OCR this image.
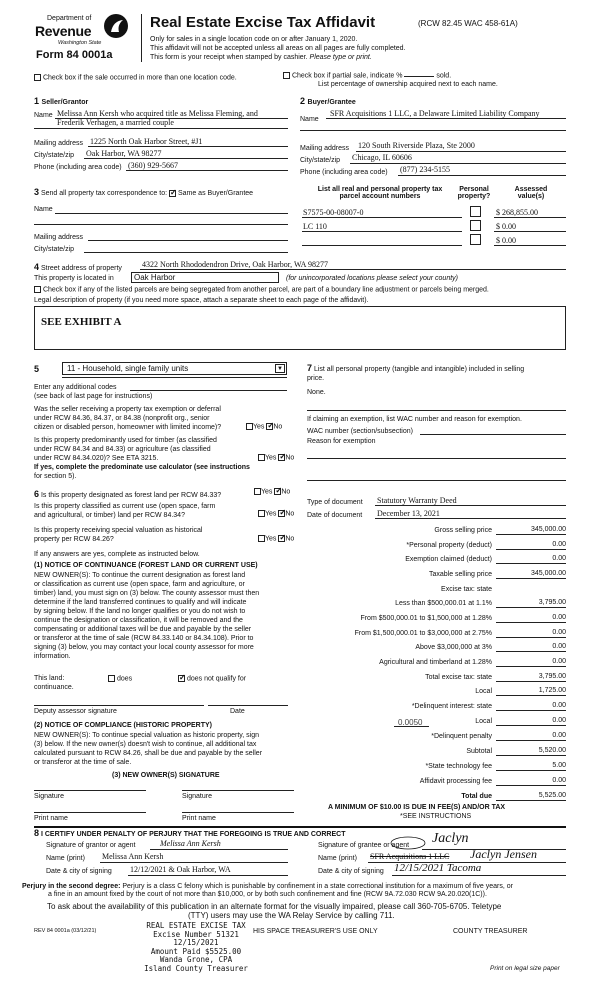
Department of
Revenue
Washington State
Form 84 0001a
Real Estate Excise Tax Affidavit	(RCW 82.45 WAC 458-61A)
Only for sales in a single location code on or after January 1, 2020.
This affidavit will not be accepted unless all areas on all pages are fully completed.
This form is your receipt when stamped by cashier. Please type or print.
Check box if the sale occurred in more than one location code.	Check box if partial sale, indicate %	sold.
List percentage of ownership acquired next to each name.
1 Seller/Grantor
Name Melissa Ann Kersh who acquired title as Melissa Fleming, and
Frederik Verhagen, a married couple
Mailing address 1225 North Oak Harbor Street, #J1
City/state/zip Oak Harbor, WA 98277
Phone (including area code) (360) 929-5667
2 Buyer/Grantee
Name
SFR Acquisitions 1 LLC, a Delaware Limited Liability Company
Mailing address 120 South Riverside Plaza, Ste 2000
City/state/zip Chicago, IL 60606
Phone (including area code) (877) 234-5155
3 Send all property tax correspondence to: ✓ Same as Buyer/Grantee
Name
Mailing address
City/state/zip
List all real and personal property tax
parcel account numbers
Personal
property?
Assessed
value(s)
S7575-00-08007-0	$ 268,855.00
LC 110	$ 0.00
$ 0.00
4 Street address of property	4322 North Rhododendron Drive, Oak Harbor, WA 98277
This property is located in	Oak Harbor	(for unincorporated locations please select your county)
Check box if any of the listed parcels are being segregated from another parcel, are part of a boundary line adjustment or parcels being merged.
Legal description of property (if you need more space, attach a separate sheet to each page of the affidavit).
SEE EXHIBIT A
5	11 - Household, single family units	▼
Enter any additional codes
(see back of last page for instructions)
Was the seller receiving a property tax exemption or deferral
under RCW 84.36, 84.37, or 84.38 (nonprofit org., senior
citizen or disabled person, homeowner with limited income)?	Yes ✓ No
Is this property predominantly used for timber (as classified
under RCW 84.34 and 84.33) or agriculture (as classified
under RCW 84.34.020)? See ETA 3215.
If yes, complete the predominate use calculator (see instructions
for section 5).
Yes ✓ No
6 Is this property designated as forest land per RCW 84.33?
Yes ✓ No
Is this property classified as current use (open space, farm
and agricultural, or timber) land per RCW 84.34?	Yes ✓ No
Is this property receiving special valuation as historical
property per RCW 84.26?	Yes ✓ No
If any answers are yes, complete as instructed below.
(1) NOTICE OF CONTINUANCE (FOREST LAND OR CURRENT USE)
NEW OWNER(S): To continue the current designation as forest land
or classification as current use (open space, farm and agriculture, or
timber) land, you must sign on (3) below. The county assessor must then
determine if the land transferred continues to qualify and will indicate
by signing below. If the land no longer qualifies or you do not wish to
continue the designation or classification, it will be removed and the
compensating or additional taxes will be due and payable by the seller
or transferor at the time of sale (RCW 84.33.140 or 84.34.108). Prior to
signing (3) below, you may contact your local county assessor for more
information.
This land:	does ✓	does not qualify for
continuance.
Deputy assessor signature	Date
(2) NOTICE OF COMPLIANCE (HISTORIC PROPERTY)
NEW OWNER(S): To continue special valuation as historic property, sign
(3) below. If the new owner(s) doesn't wish to continue, all additional tax
calculated pursuant to RCW 84.26, shall be due and payable by the seller
or transferor at the time of sale.
(3) NEW OWNER(S) SIGNATURE
Signature	Signature
Print name	Print name
7 List all personal property (tangible and intangible) included in selling
price.
None.
If claiming an exemption, list WAC number and reason for exemption.
WAC number (section/subsection)
Reason for exemption
Type of document Statutory Warranty Deed
Date of document December 13, 2021
Gross selling price	345,000.00
*Personal property (deduct)	0.00
Exemption claimed (deduct)	0.00
Taxable selling price	345,000.00
Excise tax: state
Less than $500,000.01 at 1.1%	3,795.00
From $500,000.01 to $1,500,000 at 1.28%	0.00
From $1,500,000.01 to $3,000,000 at 2.75%	0.00
Above $3,000,000 at 3%	0.00
Agricultural and timberland at 1.28%	0.00
Total excise tax: state	3,795.00
Local	1,725.00
*Delinquent interest: state	0.00
Local	0.00
*Delinquent penalty	0.00
Subtotal	5,520.00
*State technology fee	5.00
Affidavit processing fee	0.00
Total due	5,525.00
0.0050
A MINIMUM OF $10.00 IS DUE IN FEE(S) AND/OR TAX
*SEE INSTRUCTIONS
8 I CERTIFY UNDER PENALTY OF PERJURY THAT THE FOREGOING IS TRUE AND CORRECT
Signature of grantor or agent	Melissa Ann Kersh
Name (print) Melissa Ann Kersh
Date & city of signing 12/12/2021 & Oak Harbor, WA
Signature of grantee or agent Jaclyn
Name (print) SFR Acquisitions 1 LLC Jaclyn Jensen
Date & city of signing 12/15/2021 Tacoma
Perjury in the second degree: Perjury is a class C felony which is punishable by confinement in a state correctional institution for a maximum of five years, or
a fine in an amount fixed by the court of not more than $10,000, or by both such confinement and fine (RCW 9A.72.030 RCW 9A.20.020(1C)).
To ask about the availability of this publication in an alternate format for the visually impaired, please call 360-705-6705. Teletype
(TTY) users may use the WA Relay Service by calling 711.
REV 84 0001a (03/12/21)
REAL ESTATE EXCISE TAX
Excise Number 51321
12/15/2021
Amount Paid $5525.00
Wanda Grone, CPA
Island County Treasurer
HIS SPACE TREASURER'S USE ONLY	COUNTY TREASURER
Print on legal size paper
